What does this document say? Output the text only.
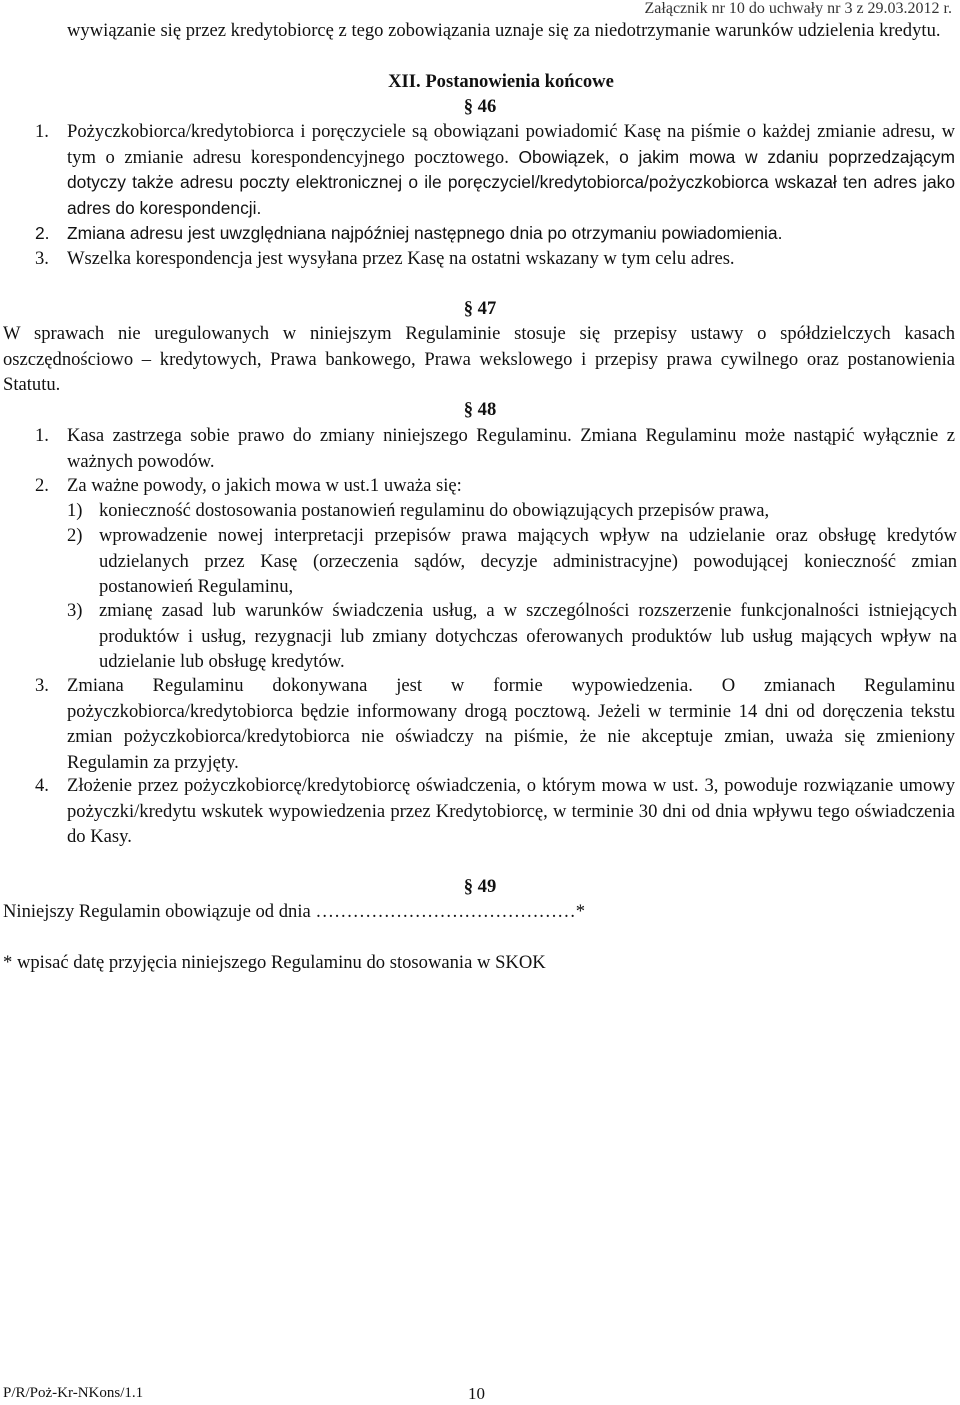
Załącznik nr 10 do uchwały nr 3 z 29.03.2012 r.
wywiązanie się przez kredytobiorcę z tego zobowiązania uznaje się za niedotrzymanie warunków udzielenia kredytu.
XII. Postanowienia końcowe
§ 46
1. Pożyczkobiorca/kredytobiorca i poręczyciele są obowiązani powiadomić Kasę na piśmie o każdej zmianie adresu, w tym o zmianie adresu korespondencyjnego pocztowego. Obowiązek, o jakim mowa w zdaniu poprzedzającym dotyczy także adresu poczty elektronicznej o ile poręczyciel/kredytobiorca/pożyczkobiorca wskazał ten adres jako adres do korespondencji.
2. Zmiana adresu jest uwzględniana najpóźniej następnego dnia po otrzymaniu powiadomienia.
3. Wszelka korespondencja jest wysyłana przez Kasę na ostatni wskazany w tym celu adres.
§ 47
W sprawach nie uregulowanych w niniejszym Regulaminie stosuje się przepisy ustawy o spółdzielczych kasach oszczędnościowo – kredytowych, Prawa bankowego, Prawa wekslowego i przepisy prawa cywilnego oraz postanowienia Statutu.
§ 48
1. Kasa zastrzega sobie prawo do zmiany niniejszego Regulaminu. Zmiana Regulaminu może nastąpić wyłącznie z ważnych powodów.
2. Za ważne powody, o jakich mowa w ust.1 uważa się:
1) konieczność dostosowania postanowień regulaminu do obowiązujących przepisów prawa,
2) wprowadzenie nowej interpretacji przepisów prawa mających wpływ na udzielanie oraz obsługę kredytów udzielanych przez Kasę (orzeczenia sądów, decyzje administracyjne) powodującej konieczność zmian postanowień Regulaminu,
3) zmianę zasad lub warunków świadczenia usług, a w szczególności rozszerzenie funkcjonalności istniejących produktów i usług, rezygnacji lub zmiany dotychczas oferowanych produktów lub usług mających wpływ na udzielanie lub obsługę kredytów.
3. Zmiana Regulaminu dokonywana jest w formie wypowiedzenia. O zmianach Regulaminu pożyczkobiorca/kredytobiorca będzie informowany drogą pocztową. Jeżeli w terminie 14 dni od doręczenia tekstu zmian pożyczkobiorca/kredytobiorca nie oświadczy na piśmie, że nie akceptuje zmian, uważa się zmieniony Regulamin za przyjęty.
4. Złożenie przez pożyczkobiorcę/kredytobiorcę oświadczenia, o którym mowa w ust. 3, powoduje rozwiązanie umowy pożyczki/kredytu wskutek wypowiedzenia przez Kredytobiorcę, w terminie 30 dni od dnia wpływu tego oświadczenia do Kasy.
§ 49
Niniejszy Regulamin obowiązuje od dnia ……………………………………*
* wpisać datę przyjęcia niniejszego Regulaminu do stosowania w SKOK
P/R/Poż-Kr-NKons/1.1	10
